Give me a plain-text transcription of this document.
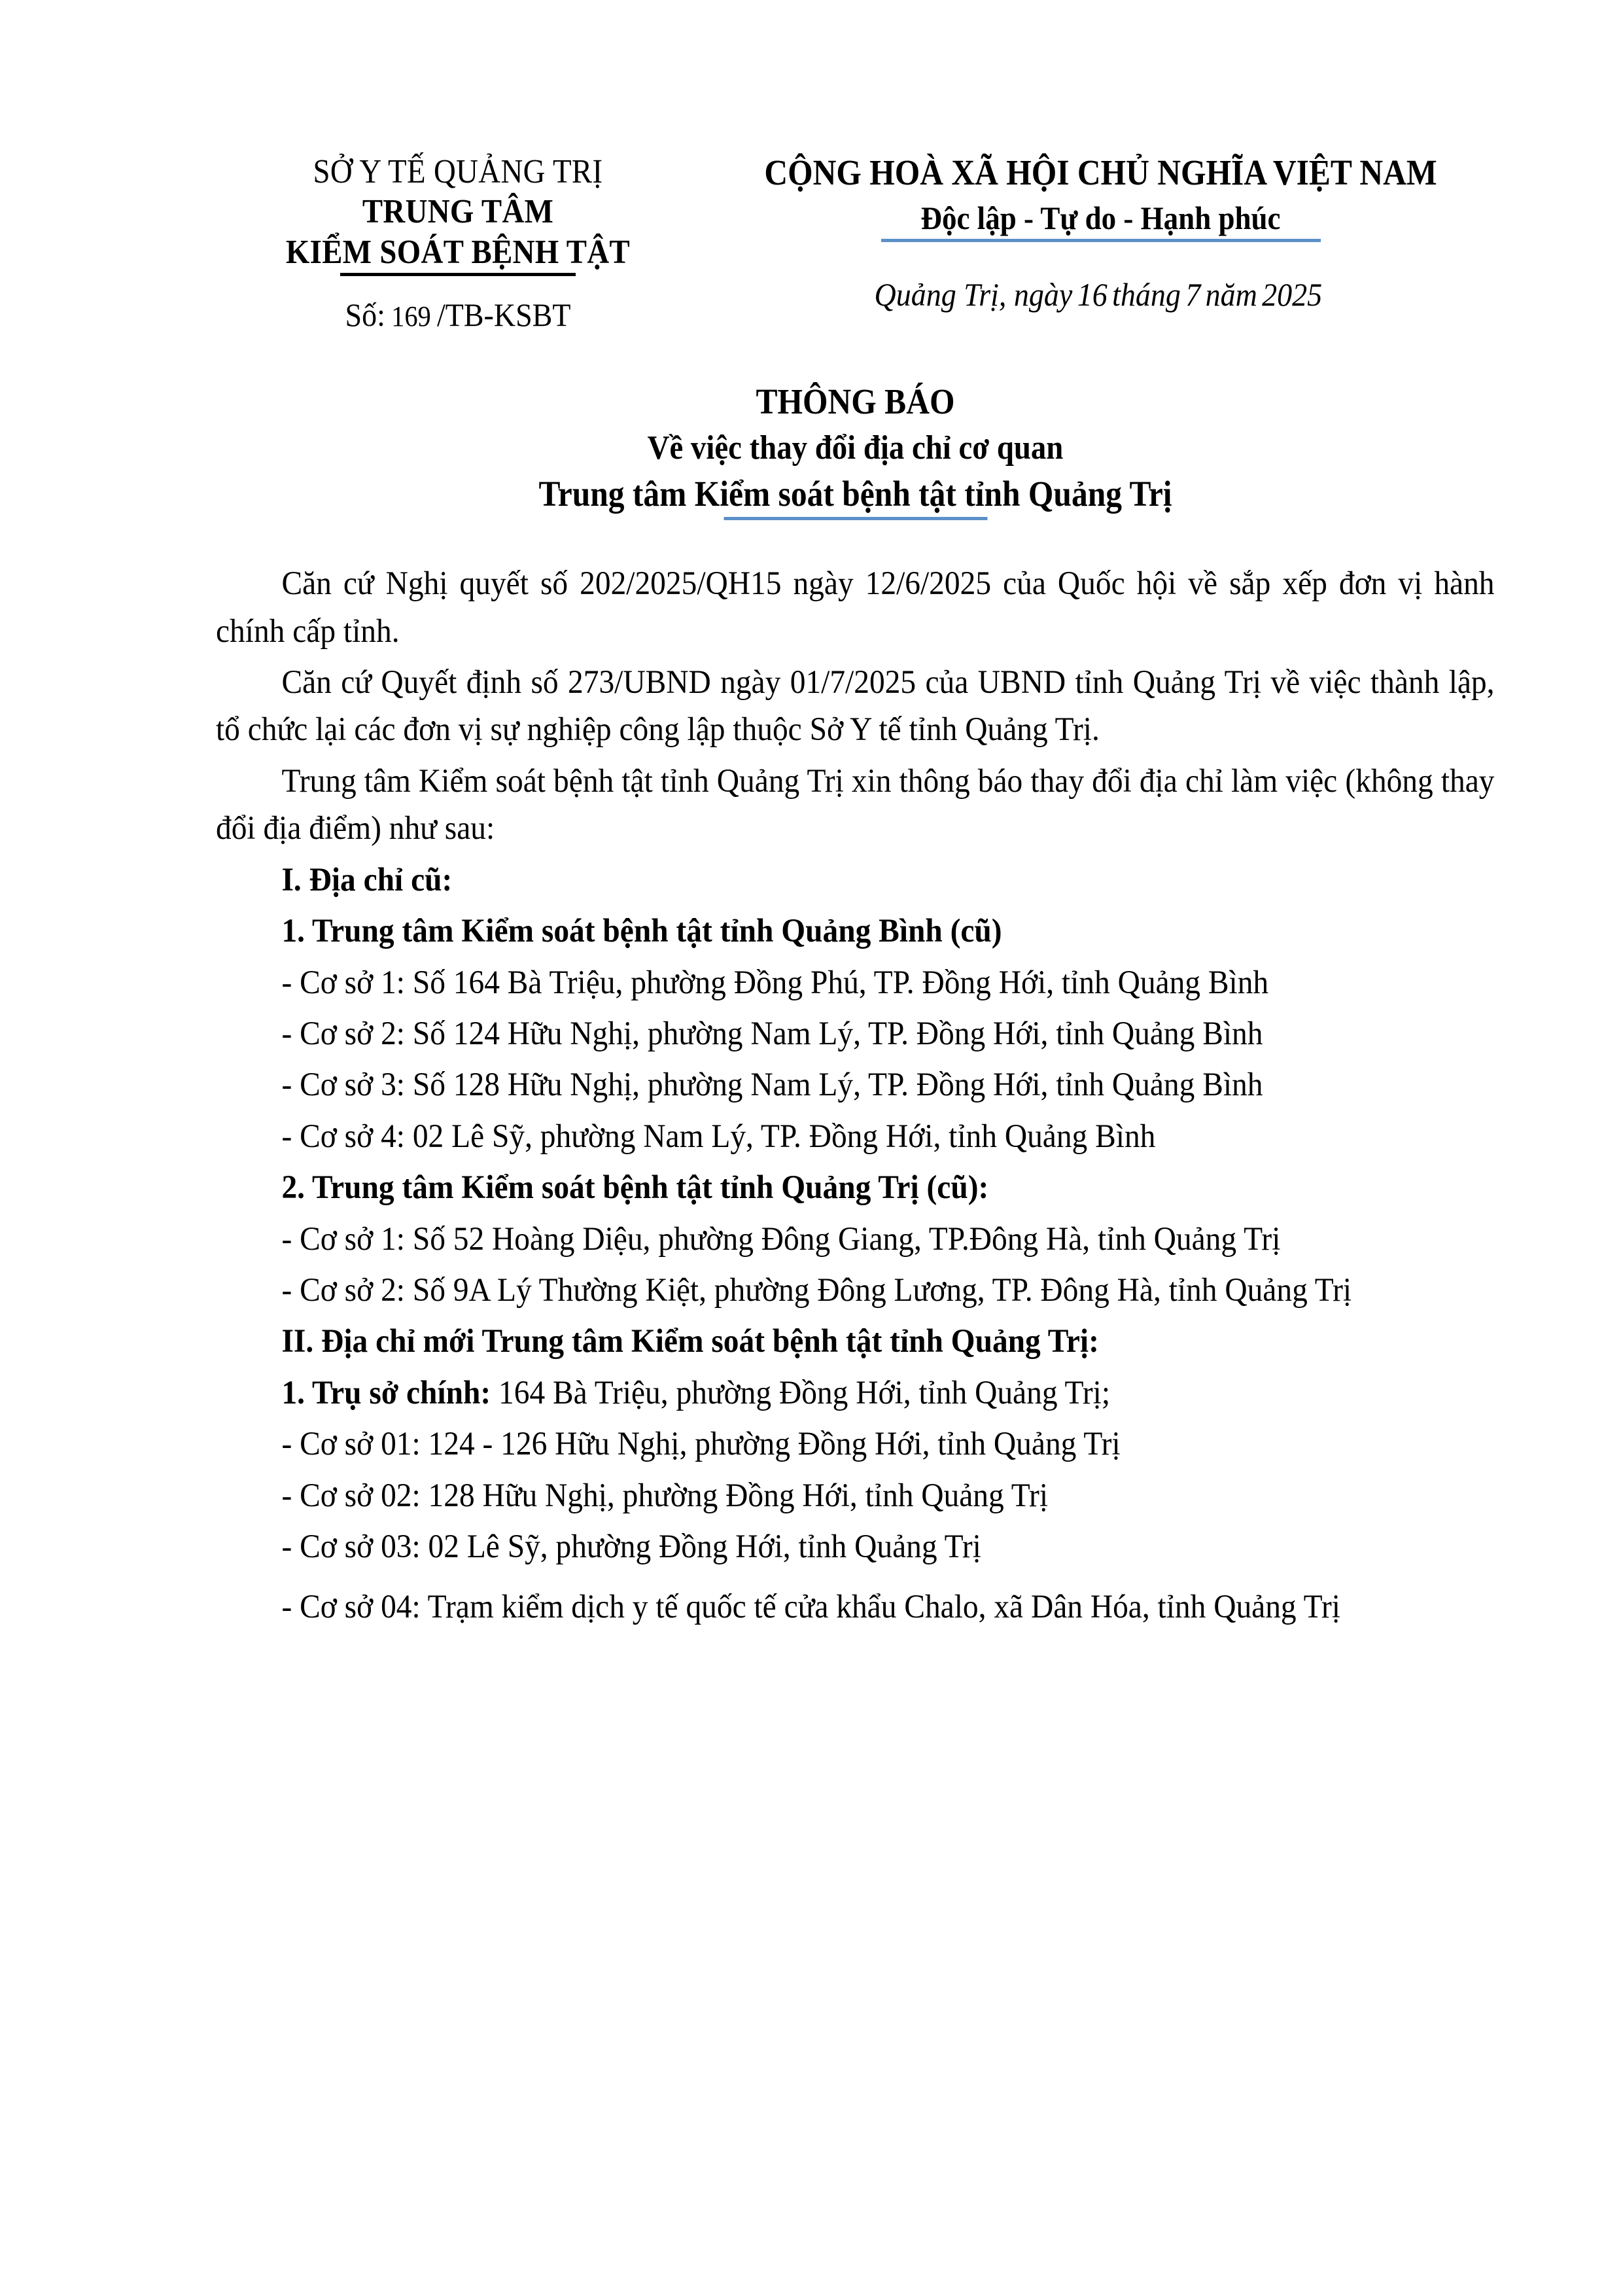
SỞ Y TẾ QUẢNG TRỊ
TRUNG TÂM
KIỂM SOÁT BỆNH TẬT
Số: 169 /TB-KSBT
CỘNG HOÀ XÃ HỘI CHỦ NGHĨA VIỆT NAM
Độc lập - Tự do - Hạnh phúc
Quảng Trị, ngày 16 tháng 7 năm 2025
THÔNG BÁO
Về việc thay đổi địa chỉ cơ quan
Trung tâm Kiểm soát bệnh tật tỉnh Quảng Trị

Căn cứ Nghị quyết số 202/2025/QH15 ngày 12/6/2025 của Quốc hội về sắp xếp đơn vị hành chính cấp tỉnh.

Căn cứ Quyết định số 273/UBND ngày 01/7/2025 của UBND tỉnh Quảng Trị về việc thành lập, tổ chức lại các đơn vị sự nghiệp công lập thuộc Sở Y tế tỉnh Quảng Trị.

Trung tâm Kiểm soát bệnh tật tỉnh Quảng Trị xin thông báo thay đổi địa chỉ làm việc (không thay đổi địa điểm) như sau:

I. Địa chỉ cũ:

1. Trung tâm Kiểm soát bệnh tật tỉnh Quảng Bình (cũ)

- Cơ sở 1: Số 164 Bà Triệu, phường Đồng Phú, TP. Đồng Hới, tỉnh Quảng Bình

- Cơ sở 2: Số 124 Hữu Nghị, phường Nam Lý, TP. Đồng Hới, tỉnh Quảng Bình

- Cơ sở 3: Số 128 Hữu Nghị, phường Nam Lý, TP. Đồng Hới, tỉnh Quảng Bình

- Cơ sở 4: 02 Lê Sỹ, phường Nam Lý, TP. Đồng Hới, tỉnh Quảng Bình

2. Trung tâm Kiểm soát bệnh tật tỉnh Quảng Trị (cũ):

- Cơ sở 1: Số 52 Hoàng Diệu, phường Đông Giang, TP.Đông Hà, tỉnh Quảng Trị

- Cơ sở 2: Số 9A Lý Thường Kiệt, phường Đông Lương, TP. Đông Hà, tỉnh Quảng Trị

II. Địa chỉ mới Trung tâm Kiểm soát bệnh tật tỉnh Quảng Trị:

1. Trụ sở chính: 164 Bà Triệu, phường Đồng Hới, tỉnh Quảng Trị;

- Cơ sở 01: 124 - 126 Hữu Nghị, phường Đồng Hới, tỉnh Quảng Trị

- Cơ sở 02: 128 Hữu Nghị, phường Đồng Hới, tỉnh Quảng Trị

- Cơ sở 03: 02 Lê Sỹ, phường Đồng Hới, tỉnh Quảng Trị

- Cơ sở 04: Trạm kiểm dịch y tế quốc tế cửa khẩu Chalo, xã Dân Hóa, tỉnh Quảng Trị
